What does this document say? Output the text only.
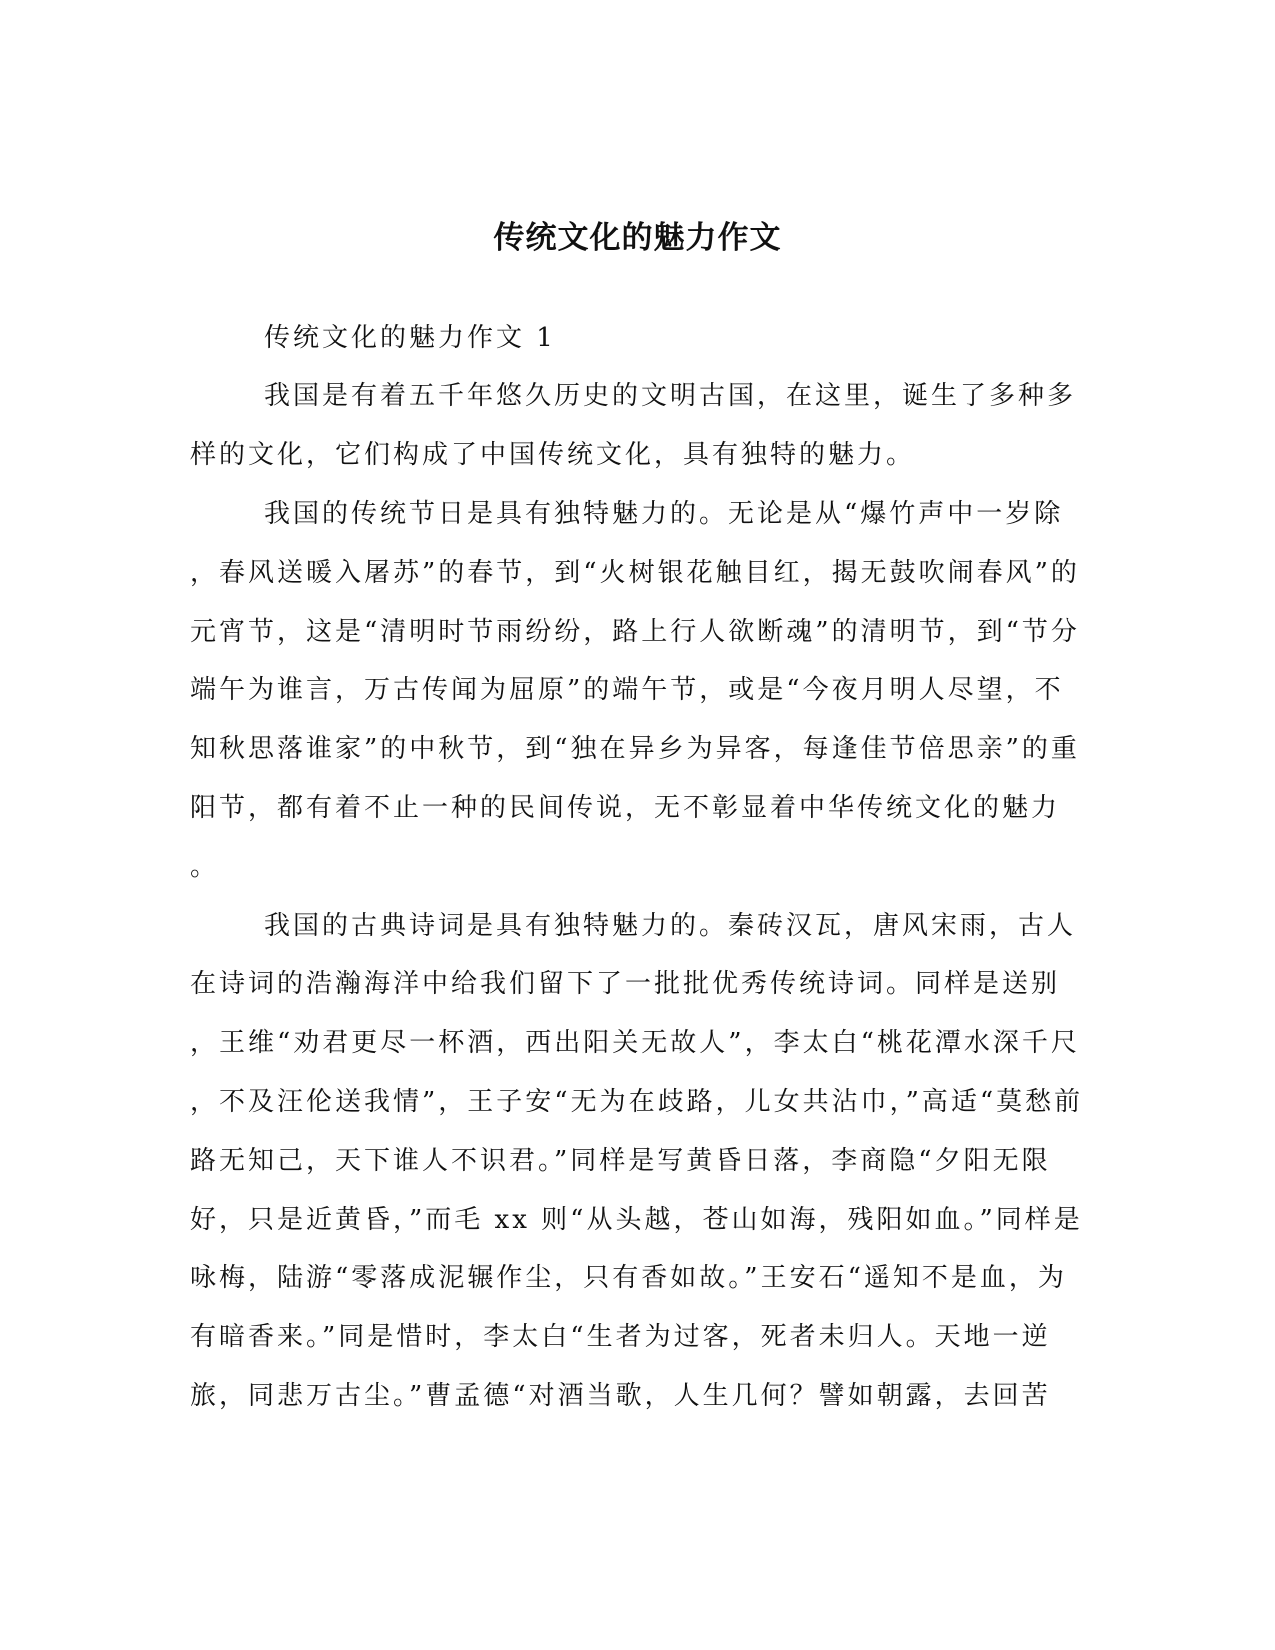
传统文化的魅力作文
传统文化的魅力作文 1
我国是有着五千年悠久历史的文明古国，在这里，诞生了多种多
样的文化，它们构成了中国传统文化，具有独特的魅力。
我国的传统节日是具有独特魅力的。无论是从“爆竹声中一岁除
，春风送暖入屠苏”的春节，到“火树银花触目红，揭无鼓吹闹春风”的
元宵节，这是“清明时节雨纷纷，路上行人欲断魂”的清明节，到“节分
端午为谁言，万古传闻为屈原”的端午节，或是“今夜月明人尽望，不
知秋思落谁家”的中秋节，到“独在异乡为异客，每逢佳节倍思亲”的重
阳节，都有着不止一种的民间传说，无不彰显着中华传统文化的魅力
。
我国的古典诗词是具有独特魅力的。秦砖汉瓦，唐风宋雨，古人
在诗词的浩瀚海洋中给我们留下了一批批优秀传统诗词。同样是送别
，王维“劝君更尽一杯酒，西出阳关无故人”，李太白“桃花潭水深千尺
，不及汪伦送我情”，王子安“无为在歧路，儿女共沾巾，”高适“莫愁前
路无知己，天下谁人不识君。”同样是写黄昏日落，李商隐“夕阳无限
好，只是近黄昏，”而毛 xx 则“从头越，苍山如海，残阳如血。”同样是
咏梅，陆游“零落成泥辗作尘，只有香如故。”王安石“遥知不是血，为
有暗香来。”同是惜时，李太白“生者为过客，死者未归人。天地一逆
旅，同悲万古尘。”曹孟德“对酒当歌，人生几何？譬如朝露，去回苦
